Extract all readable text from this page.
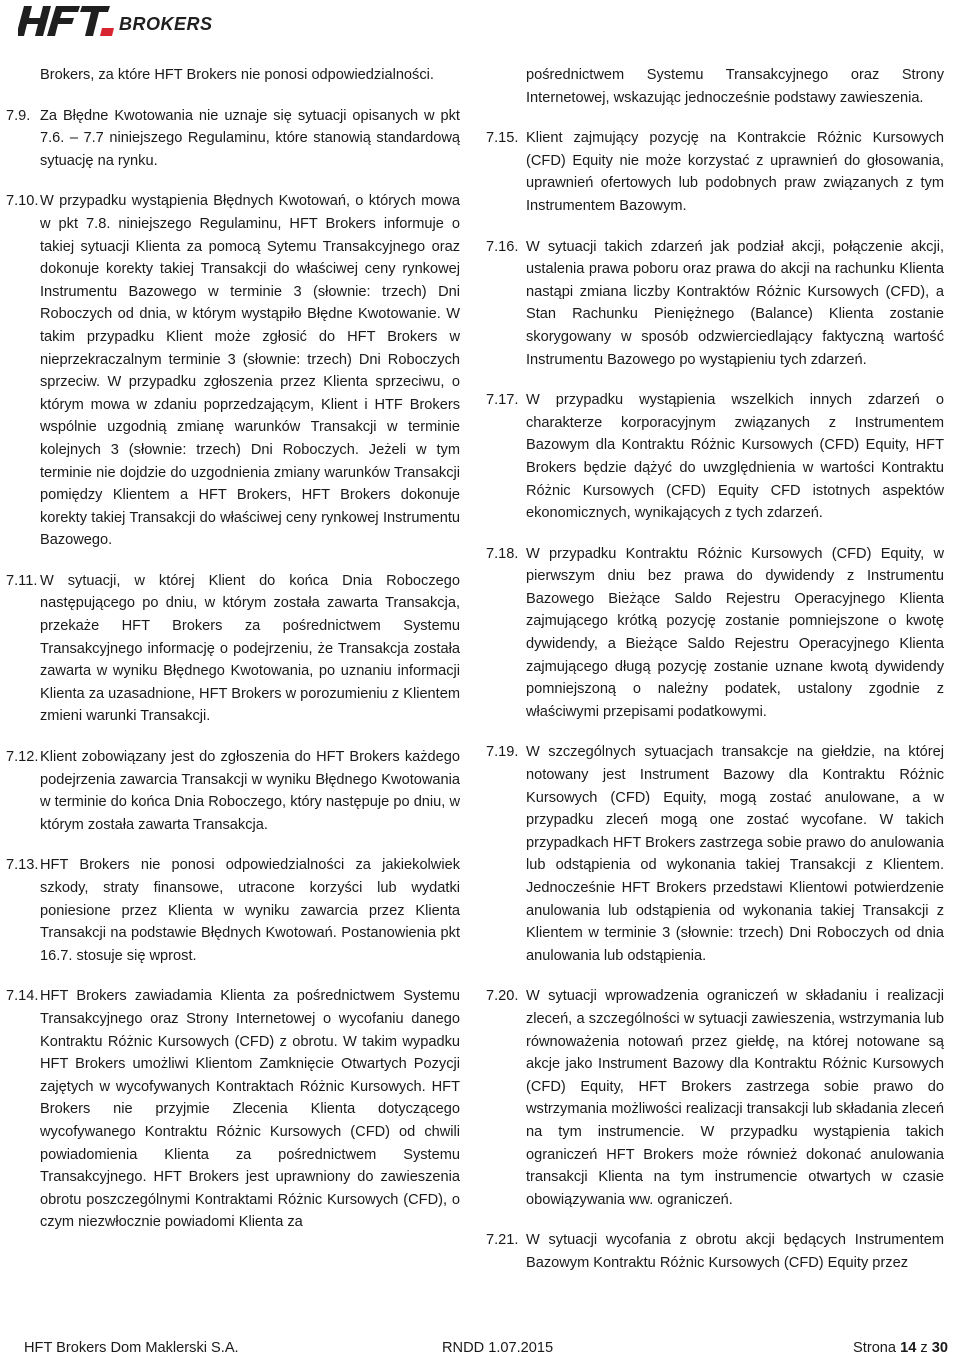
BROKERS
Brokers, za które HFT Brokers nie ponosi odpowiedzialności.
7.9. Za Błędne Kwotowania nie uznaje się sytuacji opisanych w pkt 7.6. – 7.7 niniejszego Regulaminu, które stanowią standardową sytuację na rynku.
7.10. W przypadku wystąpienia Błędnych Kwotowań, o których mowa w pkt 7.8. niniejszego Regulaminu, HFT Brokers informuje o takiej sytuacji Klienta za pomocą Sytemu Transakcyjnego oraz dokonuje korekty takiej Transakcji do właściwej ceny rynkowej Instrumentu Bazowego w terminie 3 (słownie: trzech) Dni Roboczych od dnia, w którym wystąpiło Błędne Kwotowanie. W takim przypadku Klient może zgłosić do HFT Brokers w nieprzekraczalnym terminie 3 (słownie: trzech) Dni Roboczych sprzeciw. W przypadku zgłoszenia przez Klienta sprzeciwu, o którym mowa w zdaniu poprzedzającym, Klient i HTF Brokers wspólnie uzgodnią zmianę warunków Transakcji w terminie kolejnych 3 (słownie: trzech) Dni Roboczych. Jeżeli w tym terminie nie dojdzie do uzgodnienia zmiany warunków Transakcji pomiędzy Klientem a HFT Brokers, HFT Brokers dokonuje korekty takiej Transakcji do właściwej ceny rynkowej Instrumentu Bazowego.
7.11. W sytuacji, w której Klient do końca Dnia Roboczego następującego po dniu, w którym została zawarta Transakcja, przekaże HFT Brokers za pośrednictwem Systemu Transakcyjnego informację o podejrzeniu, że Transakcja została zawarta w wyniku Błędnego Kwotowania, po uznaniu informacji Klienta za uzasadnione, HFT Brokers w porozumieniu z Klientem zmieni warunki Transakcji.
7.12. Klient zobowiązany jest do zgłoszenia do HFT Brokers każdego podejrzenia zawarcia Transakcji w wyniku Błędnego Kwotowania w terminie do końca Dnia Roboczego, który następuje po dniu, w którym została zawarta Transakcja.
7.13. HFT Brokers nie ponosi odpowiedzialności za jakiekolwiek szkody, straty finansowe, utracone korzyści lub wydatki poniesione przez Klienta w wyniku zawarcia przez Klienta Transakcji na podstawie Błędnych Kwotowań. Postanowienia pkt 16.7. stosuje się wprost.
7.14. HFT Brokers zawiadamia Klienta za pośrednictwem Systemu Transakcyjnego oraz Strony Internetowej o wycofaniu danego Kontraktu Różnic Kursowych (CFD) z obrotu. W takim wypadku HFT Brokers umożliwi Klientom Zamknięcie Otwartych Pozycji zajętych w wycofywanych Kontraktach Różnic Kursowych. HFT Brokers nie przyjmie Zlecenia Klienta dotyczącego wycofywanego Kontraktu Różnic Kursowych (CFD) od chwili powiadomienia Klienta za pośrednictwem Systemu Transakcyjnego. HFT Brokers jest uprawniony do zawieszenia obrotu poszczególnymi Kontraktami Różnic Kursowych (CFD), o czym niezwłocznie powiadomi Klienta za
pośrednictwem Systemu Transakcyjnego oraz Strony Internetowej, wskazując jednocześnie podstawy zawieszenia.
7.15. Klient zajmujący pozycję na Kontrakcie Różnic Kursowych (CFD) Equity nie może korzystać z uprawnień do głosowania, uprawnień ofertowych lub podobnych praw związanych z tym Instrumentem Bazowym.
7.16. W sytuacji takich zdarzeń jak podział akcji, połączenie akcji, ustalenia prawa poboru oraz prawa do akcji na rachunku Klienta nastąpi zmiana liczby Kontraktów Różnic Kursowych (CFD), a Stan Rachunku Pieniężnego (Balance) Klienta zostanie skorygowany w sposób odzwierciedlający faktyczną wartość Instrumentu Bazowego po wystąpieniu tych zdarzeń.
7.17. W przypadku wystąpienia wszelkich innych zdarzeń o charakterze korporacyjnym związanych z Instrumentem Bazowym dla Kontraktu Różnic Kursowych (CFD) Equity, HFT Brokers będzie dążyć do uwzględnienia w wartości Kontraktu Różnic Kursowych (CFD) Equity CFD istotnych aspektów ekonomicznych, wynikających z tych zdarzeń.
7.18. W przypadku Kontraktu Różnic Kursowych (CFD) Equity, w pierwszym dniu bez prawa do dywidendy z Instrumentu Bazowego Bieżące Saldo Rejestru Operacyjnego Klienta zajmującego krótką pozycję zostanie pomniejszone o kwotę dywidendy, a Bieżące Saldo Rejestru Operacyjnego Klienta zajmującego długą pozycję zostanie uznane kwotą dywidendy pomniejszoną o należny podatek, ustalony zgodnie z właściwymi przepisami podatkowymi.
7.19. W szczególnych sytuacjach transakcje na giełdzie, na której notowany jest Instrument Bazowy dla Kontraktu Różnic Kursowych (CFD) Equity, mogą zostać anulowane, a w przypadku zleceń mogą one zostać wycofane. W takich przypadkach HFT Brokers zastrzega sobie prawo do anulowania lub odstąpienia od wykonania takiej Transakcji z Klientem. Jednocześnie HFT Brokers przedstawi Klientowi potwierdzenie anulowania lub odstąpienia od wykonania takiej Transakcji z Klientem w terminie 3 (słownie: trzech) Dni Roboczych od dnia anulowania lub odstąpienia.
7.20. W sytuacji wprowadzenia ograniczeń w składaniu i realizacji zleceń, a szczególności w sytuacji zawieszenia, wstrzymania lub równoważenia notowań przez giełdę, na której notowane są akcje jako Instrument Bazowy dla Kontraktu Różnic Kursowych (CFD) Equity, HFT Brokers zastrzega sobie prawo do wstrzymania możliwości realizacji transakcji lub składania zleceń na tym instrumencie. W przypadku wystąpienia takich ograniczeń HFT Brokers może również dokonać anulowania transakcji Klienta na tym instrumencie otwartych w czasie obowiązywania ww. ograniczeń.
7.21. W sytuacji wycofania z obrotu akcji będących Instrumentem Bazowym Kontraktu Różnic Kursowych (CFD) Equity przez
HFT Brokers Dom Maklerski S.A.	RNDD 1.07.2015	Strona 14 z 30
